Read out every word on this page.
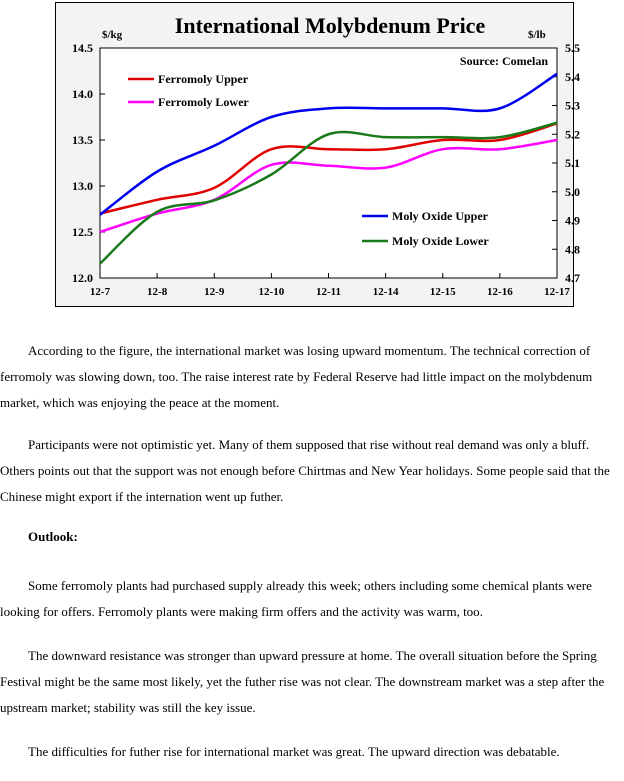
12.0
12.5
13.0
13.5
14.0
14.5
4.7
4.8
4.9
5.0
5.1
5.2
5.3
5.4
5.5
12-7	12-8	12-9	12-10	12-11	12-14	12-15	12-16	12-17
Ferromoly Upper
Ferromoly Lower
Moly Oxide Upper
Moly Oxide Lower
International Molybdenum Price
$/kg	$/lb
Source: Comelan

According to the figure, the international market was losing upward momentum. The technical correction of ferromoly was slowing down, too. The raise interest rate by Federal Reserve had little impact on the molybdenum market, which was enjoying the peace at the moment.

Participants were not optimistic yet. Many of them supposed that rise without real demand was only a bluff. Others points out that the support was not enough before Chirtmas and New Year holidays. Some people said that the Chinese might export if the internation went up futher.

Outlook:

Some ferromoly plants had purchased supply already this week; others including some chemical plants were looking for offers. Ferromoly plants were making firm offers and the activity was warm, too.

The downward resistance was stronger than upward pressure at home. The overall situation before the Spring Festival might be the same most likely, yet the futher rise was not clear. The downstream market was a step after the upstream market; stability was still the key issue.

The difficulties for futher rise for international market was great. The upward direction was debatable.
